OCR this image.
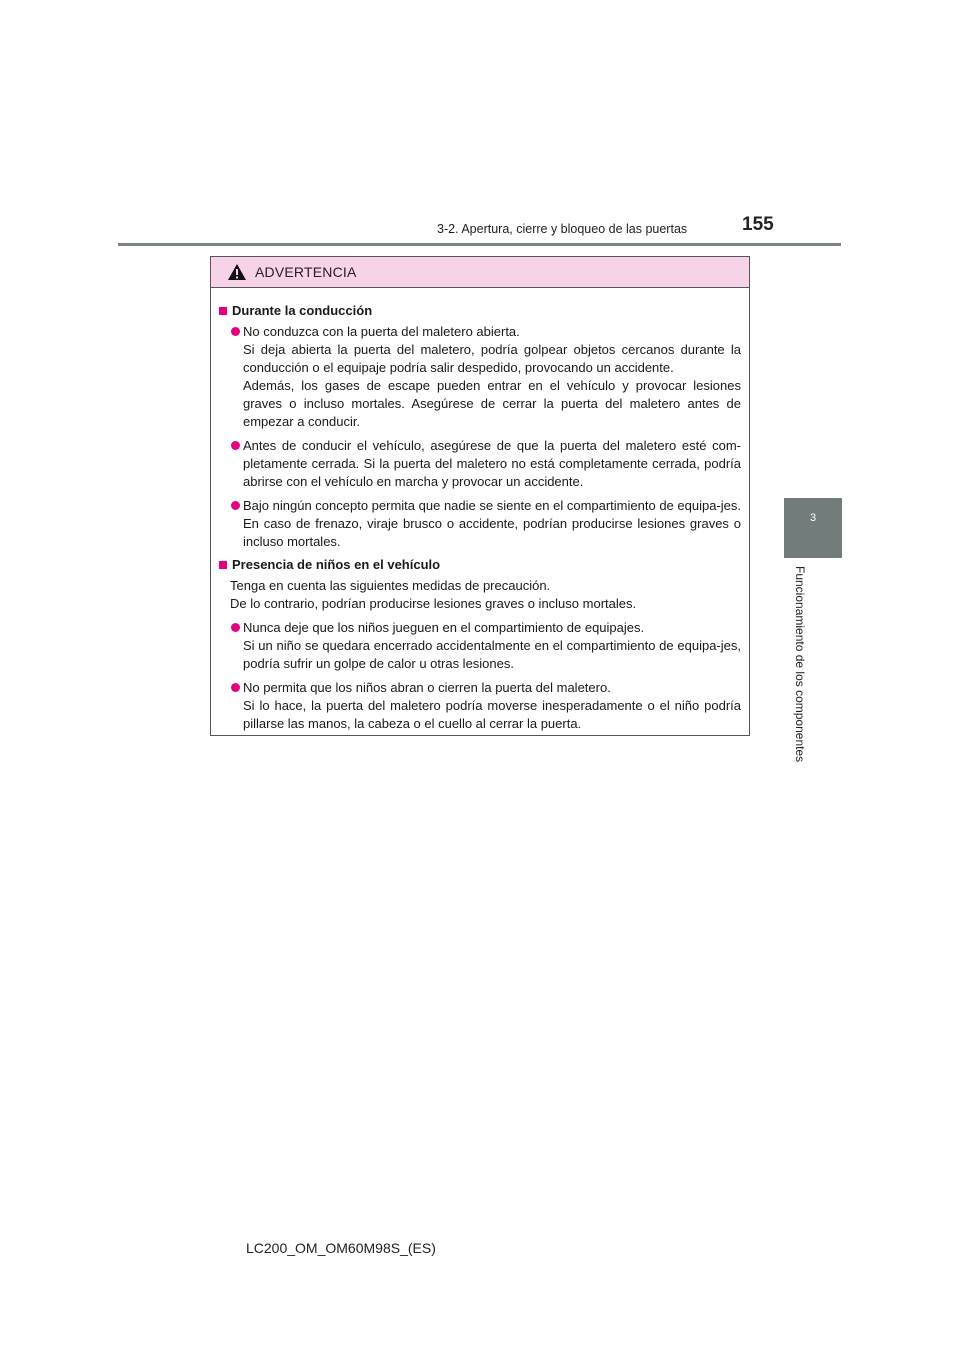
3-2. Apertura, cierre y bloqueo de las puertas	155
3
Funcionamiento de los componentes
ADVERTENCIA
Durante la conducción

No conduzca con la puerta del maletero abierta.

Si deja abierta la puerta del maletero, podría golpear objetos cercanos durante la conducción o el equipaje podría salir despedido, provocando un accidente.

Además, los gases de escape pueden entrar en el vehículo y provocar lesiones graves o incluso mortales. Asegúrese de cerrar la puerta del maletero antes de empezar a conducir.

Antes de conducir el vehículo, asegúrese de que la puerta del maletero esté com-pletamente cerrada. Si la puerta del maletero no está completamente cerrada, podría abrirse con el vehículo en marcha y provocar un accidente.

Bajo ningún concepto permita que nadie se siente en el compartimiento de equipa-jes. En caso de frenazo, viraje brusco o accidente, podrían producirse lesiones graves o incluso mortales.

Presencia de niños en el vehículo
Tenga en cuenta las siguientes medidas de precaución.
De lo contrario, podrían producirse lesiones graves o incluso mortales.

Nunca deje que los niños jueguen en el compartimiento de equipajes.

Si un niño se quedara encerrado accidentalmente en el compartimiento de equipa-jes, podría sufrir un golpe de calor u otras lesiones.

No permita que los niños abran o cierren la puerta del maletero.

Si lo hace, la puerta del maletero podría moverse inesperadamente o el niño podría pillarse las manos, la cabeza o el cuello al cerrar la puerta.

LC200_OM_OM60M98S_(ES)
